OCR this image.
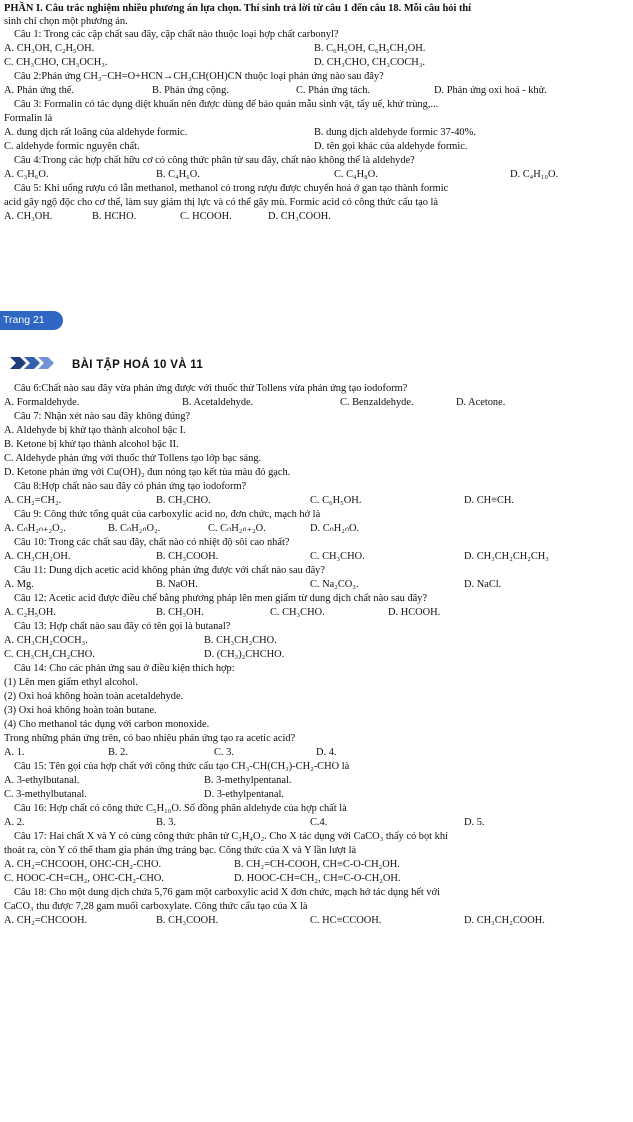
PHẦN I. Câu trắc nghiệm nhiều phương án lựa chọn. Thí sinh trả lời từ câu 1 đến câu 18. Mỗi câu hỏi thí
sinh chỉ chọn một phương án.
Câu 1: Trong các cặp chất sau đây, cặp chất nào thuộc loại hợp chất carbonyl?
A. CH₃OH, C₂H₅OH.	B. C₆H₅OH, C₆H₅CH₂OH.
C. CH₃CHO, CH₃OCH₃.	D. CH₃CHO, CH₃COCH₃.
Câu 2:Phản ứng CH₃−CH=O+HCN→CH₃CH(OH)CN thuộc loại phản ứng nào sau đây?
A. Phản ứng thế.	B. Phản ứng cộng.	C. Phản ứng tách.	D. Phản ứng oxi hoá - khử.
Câu 3: Formalin có tác dụng diệt khuẩn nên được dùng để bảo quản mẫu sinh vật, tẩy uế, khử trùng,...
Formalin là
A. dung dịch rất loãng của aldehyde formic.	B. dung dịch aldehyde formic 37-40%.
C. aldehyde formic nguyên chất.	D. tên gọi khác của aldehyde formic.
Câu 4:Trong các hợp chất hữu cơ có công thức phân tử sau đây, chất nào không thể là aldehyde?
A. C₃H₆O.	B. C₄H₆O.	C. C₄H₈O.	D. C₄H₁₀O.
Câu 5: Khi uống rượu có lẫn methanol, methanol có trong rượu được chuyển hoá ở gan tạo thành formic
acid gây ngộ độc cho cơ thể, làm suy giảm thị lực và có thể gây mù. Formic acid có công thức cấu tạo là
A. CH₃OH.	B. HCHO.	C. HCOOH.	D. CH₃COOH.
Trang 21
BÀI TẬP HOÁ 10 VÀ 11
Câu 6:Chất nào sau đây vừa phản ứng được với thuốc thử Tollens vừa phản ứng tạo iodoform?
A. Formaldehyde.	B. Acetaldehyde.	C. Benzaldehyde.	D. Acetone.
Câu 7: Nhận xét nào sau đây không đúng?
A. Aldehyde bị khử tạo thành alcohol bậc I.
B. Ketone bị khử tạo thành alcohol bậc II.
C. Aldehyde phản ứng với thuốc thử Tollens tạo lớp bạc sáng.
D. Ketone phản ứng với Cu(OH)₂ đun nóng tạo kết tủa màu đỏ gạch.
Câu 8:Hợp chất nào sau đây có phản ứng tạo iodoform?
A. CH₂=CH₂.	B. CH₃CHO.	C. C₆H₅OH.	D. CH≡CH.
Câu 9: Công thức tổng quát của carboxylic acid no, đơn chức, mạch hở là
A. CₙH₂ₙ₊₂O₂.	B. CₙH₂ₙO₂.	C. CₙH₂ₙ₊₂O.	D. CₙH₂ₙO.
Câu 10: Trong các chất sau đây, chất nào có nhiệt độ sôi cao nhất?
A. CH₃CH₂OH.	B. CH₃COOH.	C. CH₃CHO.	D. CH₃CH₂CH₂CH₃
Câu 11: Dung dịch acetic acid không phản ứng được với chất nào sau đây?
A. Mg.	B. NaOH.	C. Na₂CO₃.	D. NaCl.
Câu 12: Acetic acid được điều chế bằng phương pháp lên men giấm từ dung dịch chất nào sau đây?
A. C₂H₅OH.	B. CH₃OH.	C. CH₃CHO.	D. HCOOH.
Câu 13: Hợp chất nào sau đây có tên gọi là butanal?
A. CH₃CH₂COCH₃.	B. CH₃CH₂CHO.
C. CH₃CH₂CH₂CHO.	D. (CH₃)₂CHCHO.
Câu 14: Cho các phản ứng sau ở điều kiện thích hợp:
(1) Lên men giấm ethyl alcohol.
(2) Oxi hoá không hoàn toàn acetaldehyde.
(3) Oxi hoá không hoàn toàn butane.
(4) Cho methanol tác dụng với carbon monoxide.
Trong những phản ứng trên, có bao nhiêu phản ứng tạo ra acetic acid?
A. 1.	B. 2.	C. 3.	D. 4.
Câu 15: Tên gọi của hợp chất với công thức cấu tạo CH₃-CH(CH₃)-CH₂-CHO là
A. 3-ethylbutanal.	B. 3-methylpentanal.
C. 3-methylbutanal.	D. 3-ethylpentanal.
Câu 16: Hợp chất có công thức C₅H₁₀O. Số đồng phân aldehyde của hợp chất là
A. 2.	B. 3.	C.4.	D. 5.
Câu 17: Hai chất X và Y có cùng công thức phân tử C₃H₄O₂. Cho X tác dụng với CaCO₃ thấy có bọt khí
thoát ra, còn Y có thể tham gia phản ứng tráng bạc. Công thức của X và Y lần lượt là
A. CH₂=CHCOOH, OHC-CH₂-CHO.	B. CH₂=CH-COOH, CH≡C-O-CH₂OH.
C. HOOC-CH=CH₂, OHC-CH₂-CHO.	D. HOOC-CH=CH₂, CH≡C-O-CH₂OH.
Câu 18: Cho một dung dịch chứa 5,76 gam một carboxylic acid X đơn chức, mạch hở tác dụng hết với
CaCO₃ thu được 7,28 gam muối carboxylate. Công thức cấu tạo của X là
A. CH₂=CHCOOH.	B. CH₃COOH.	C. HC≡CCOOH.	D. CH₃CH₂COOH.
